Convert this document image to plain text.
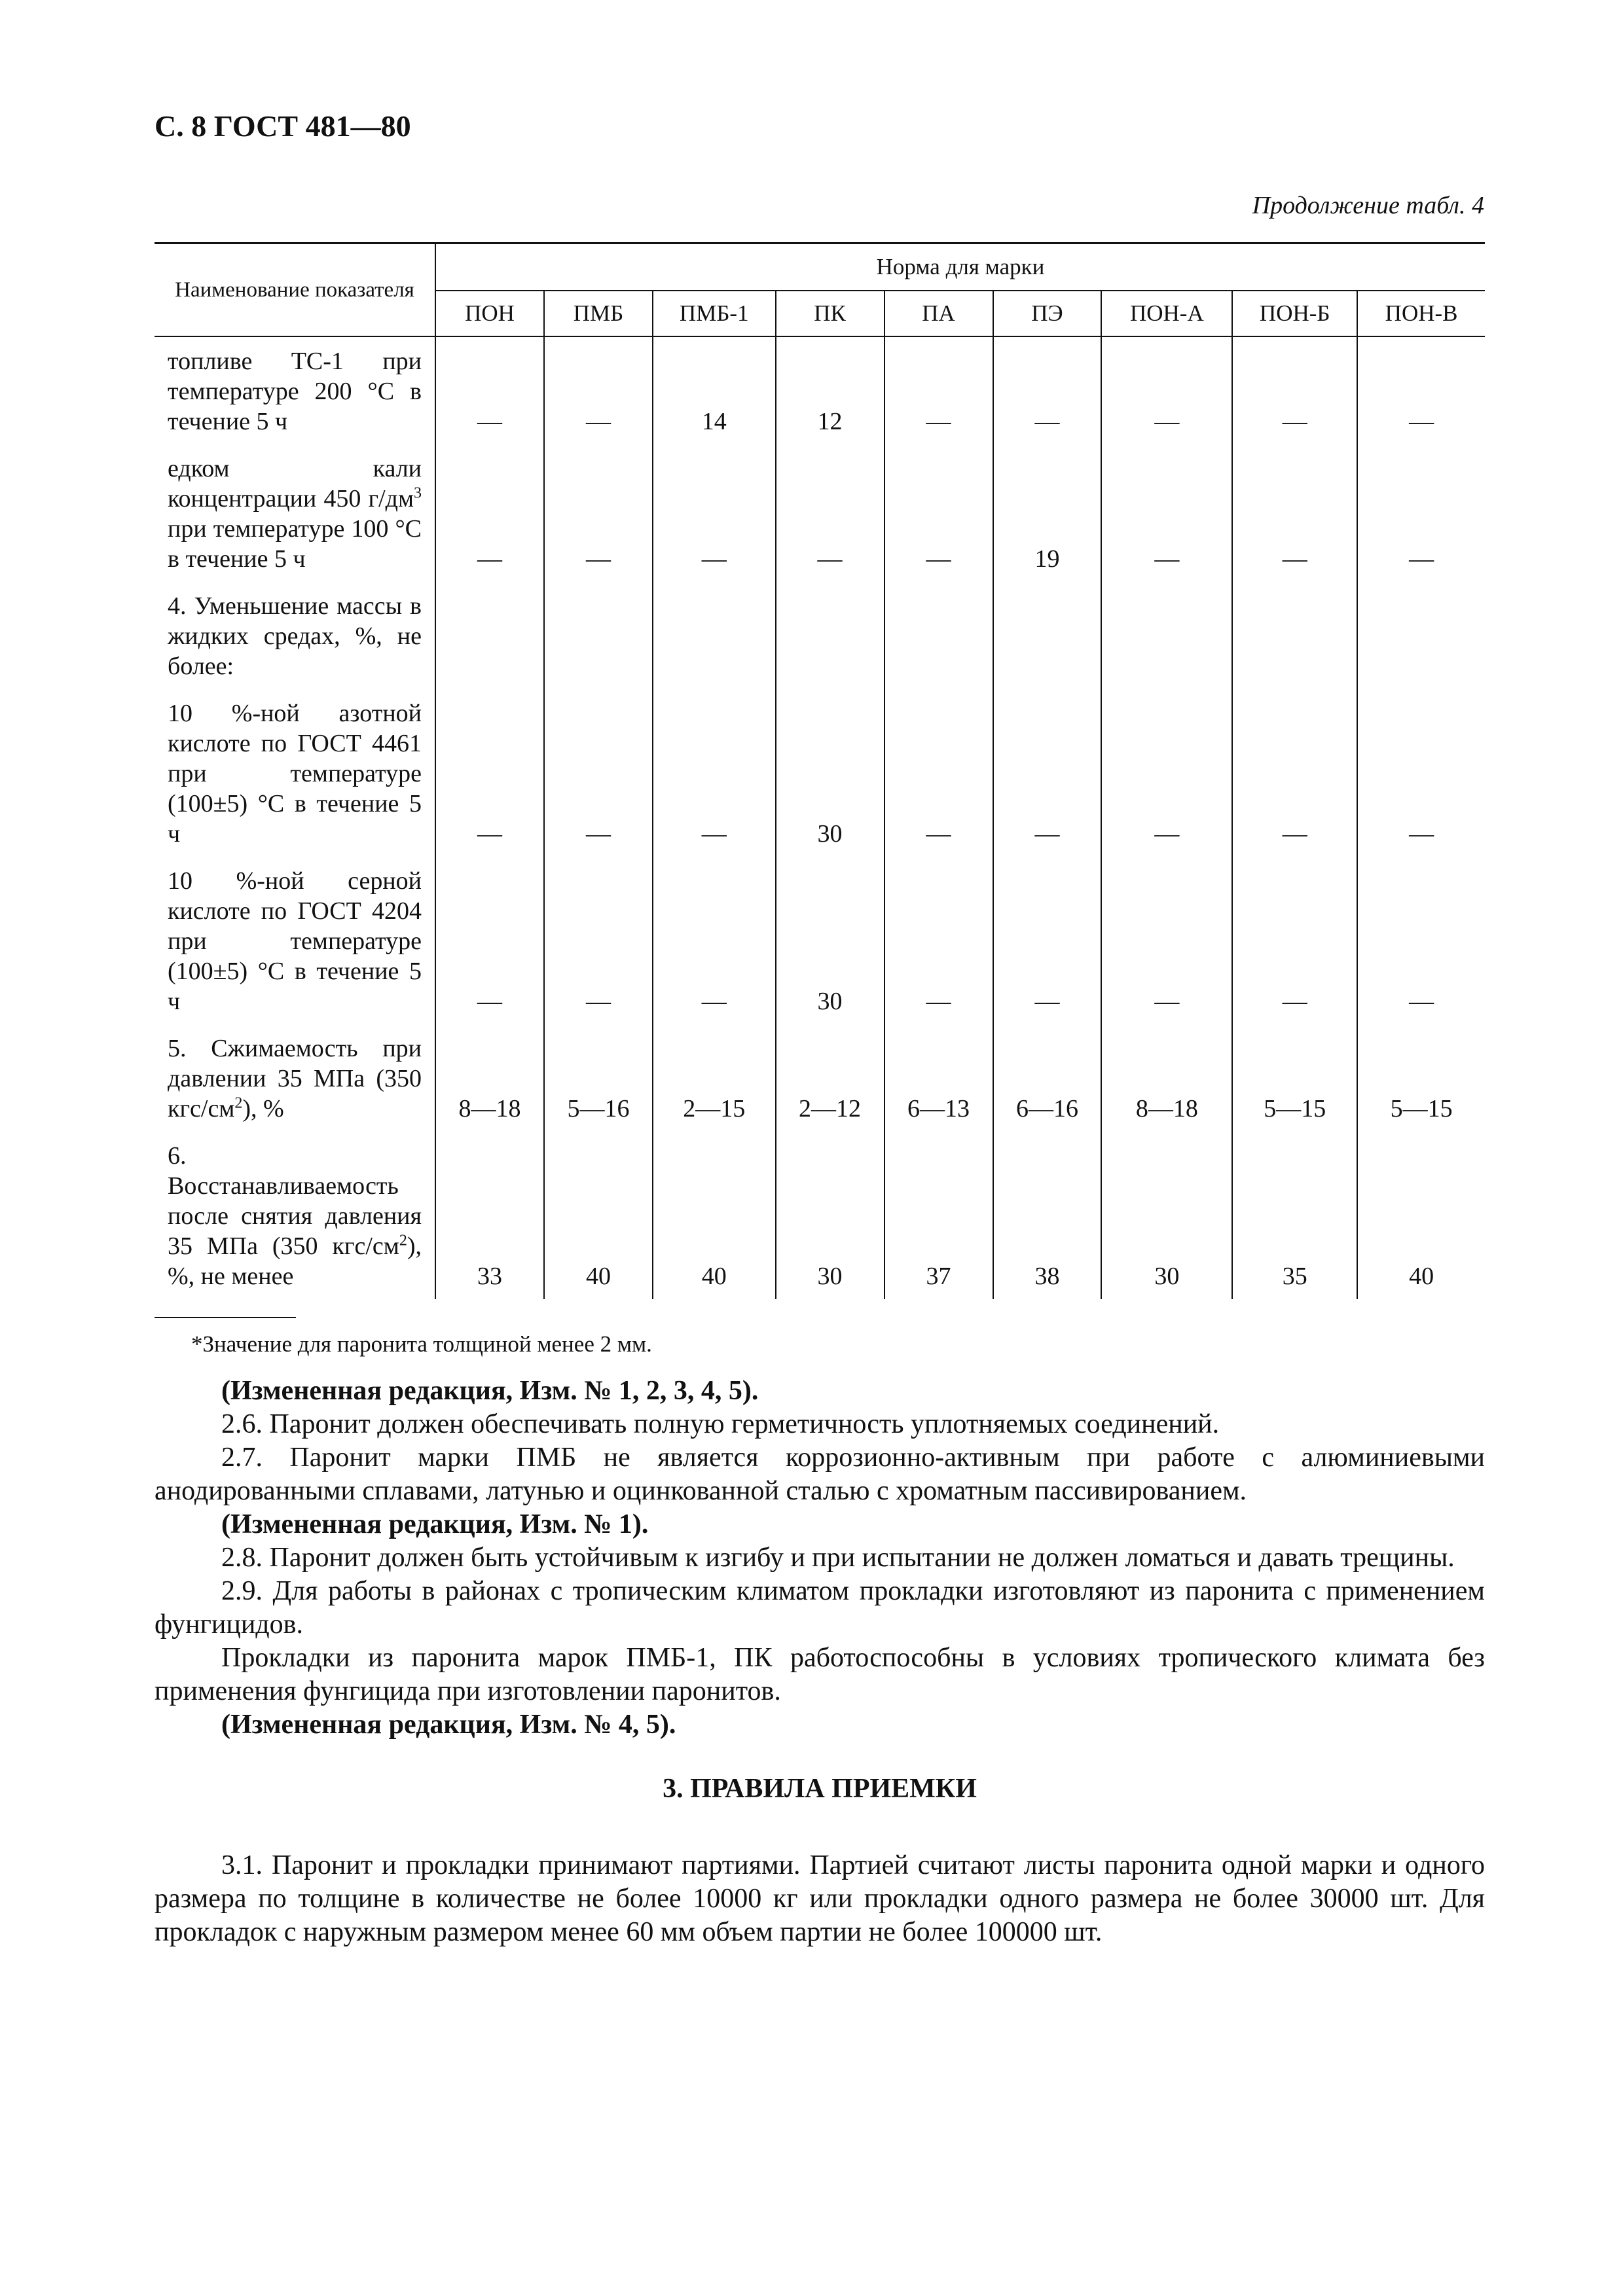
С. 8 ГОСТ 481—80
Продолжение табл. 4
Наименование показателя	Норма для марки								
	ПОН	ПМБ	ПМБ-1	ПК	ПА	ПЭ	ПОН-А	ПОН-Б	ПОН-В
топливе ТС-1 при температуре 200 °С в течение 5 ч	—	—	14	12	—	—	—	—	—
едком кали концентрации 450 $г/дм^3$ при температуре 100 °С в течение 5 ч	—	—	—	—	—	19	—	—	—
4. Уменьшение массы в жидких средах, %, не более:									
10 %-ной азотной кислоте по ГОСТ 4461 при температуре (100±5) °С в течение 5 ч	—	—	—	30	—	—	—	—	—
10 %-ной серной кислоте по ГОСТ 4204 при температуре (100±5) °С в течение 5 ч	—	—	—	30	—	—	—	—	—
5. Сжимаемость при давлении 35 МПа (350 кгс/$см^2$), %	8—18	5—16	2—15	2—12	6—13	6—16	8—18	5—15	5—15
6. Восстанавливаемость после снятия давления 35 МПа (350 кгс/$см^2$), %, не менее	33	40	40	30	37	38	30	35	40
*Значение для паронита толщиной менее 2 мм.

(Измененная редакция, Изм. № 1, 2, 3, 4, 5).

2.6. Паронит должен обеспечивать полную герметичность уплотняемых соединений.

2.7. Паронит марки ПМБ не является коррозионно-активным при работе с алюминиевыми анодированными сплавами, латунью и оцинкованной сталью с хроматным пассивированием.

(Измененная редакция, Изм. № 1).

2.8. Паронит должен быть устойчивым к изгибу и при испытании не должен ломаться и давать трещины.

2.9. Для работы в районах с тропическим климатом прокладки изготовляют из паронита с применением фунгицидов.

Прокладки из паронита марок ПМБ-1, ПК работоспособны в условиях тропического климата без применения фунгицида при изготовлении паронитов.

(Измененная редакция, Изм. № 4, 5).

3. ПРАВИЛА ПРИЕМКИ

3.1. Паронит и прокладки принимают партиями. Партией считают листы паронита одной марки и одного размера по толщине в количестве не более 10000 кг или прокладки одного размера не более 30000 шт. Для прокладок с наружным размером менее 60 мм объем партии не более 100000 шт.
